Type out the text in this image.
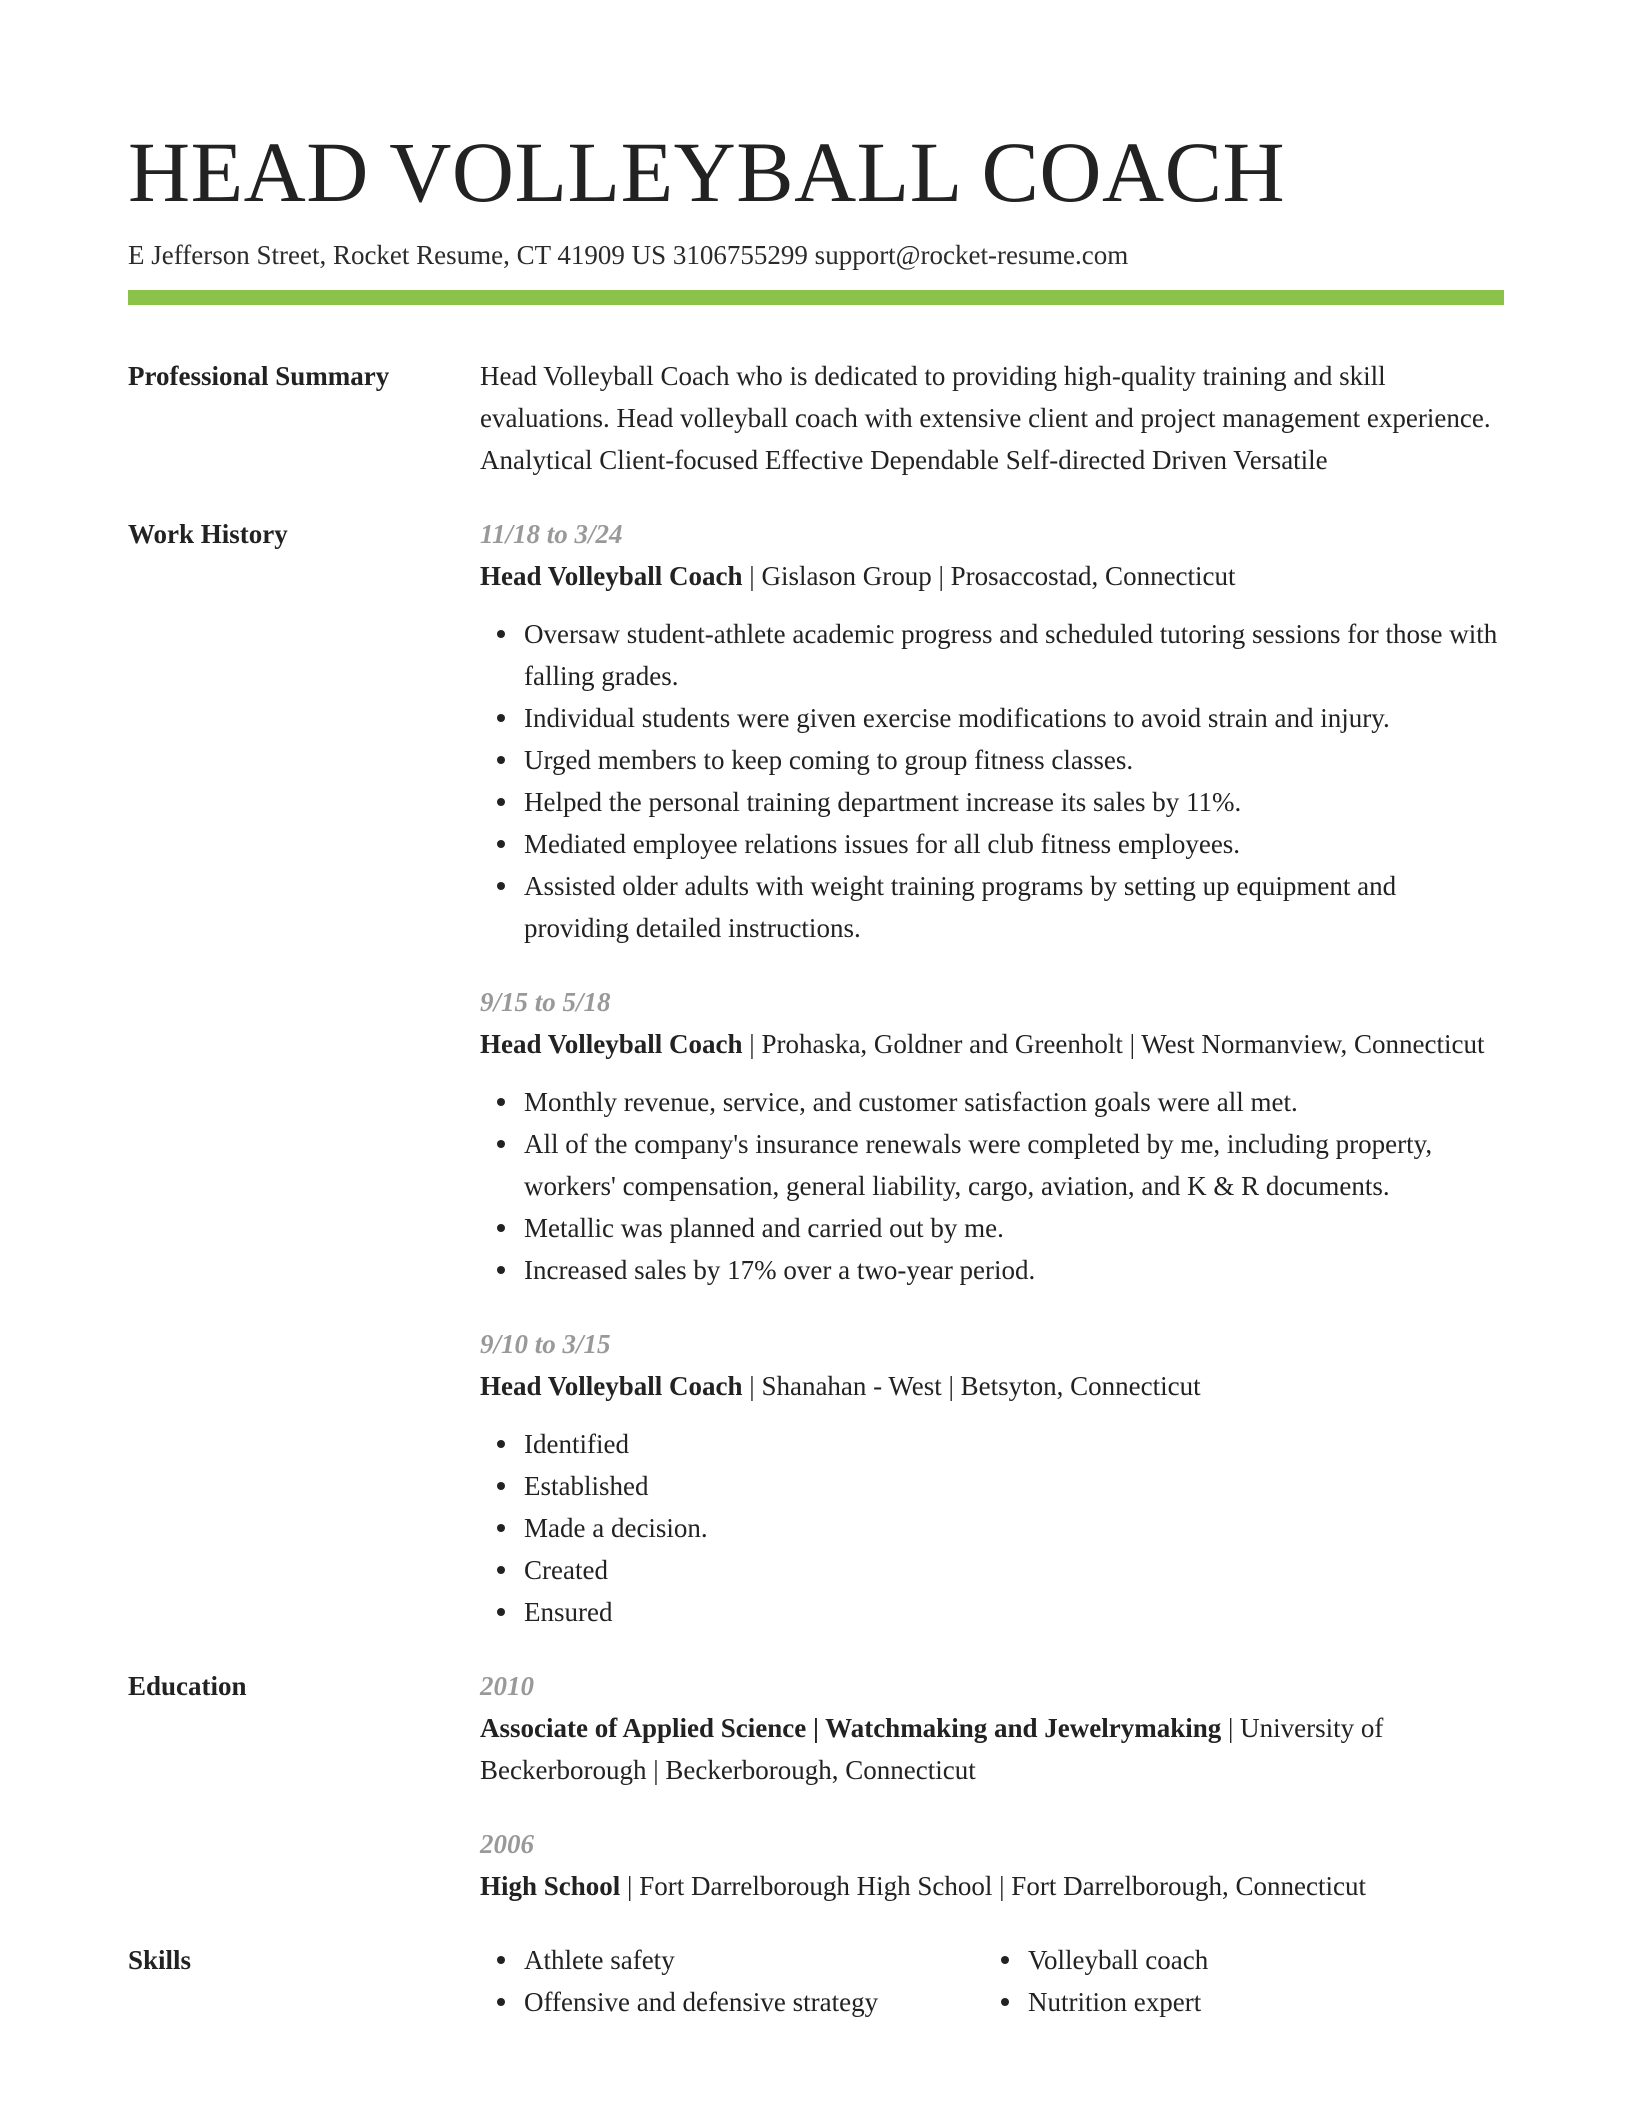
HEAD VOLLEYBALL COACH
E Jefferson Street, Rocket Resume, CT 41909 US 3106755299 support@rocket-resume.com
Professional Summary	Head Volleyball Coach who is dedicated to providing high-quality training and skill evaluations. Head volleyball coach with extensive client and project management experience. Analytical Client-focused Effective Dependable Self-directed Driven Versatile
Work History	11/18 to 3/24
Head Volleyball Coach | Gislason Group | Prosaccostad, Connecticut
Oversaw student-athlete academic progress and scheduled tutoring sessions for those with falling grades.
Individual students were given exercise modifications to avoid strain and injury.
Urged members to keep coming to group fitness classes.
Helped the personal training department increase its sales by 11%.
Mediated employee relations issues for all club fitness employees.
Assisted older adults with weight training programs by setting up equipment and providing detailed instructions.
9/15 to 5/18
Head Volleyball Coach | Prohaska, Goldner and Greenholt | West Normanview, Connecticut
Monthly revenue, service, and customer satisfaction goals were all met.
All of the company's insurance renewals were completed by me, including property, workers' compensation, general liability, cargo, aviation, and K & R documents.
Metallic was planned and carried out by me.
Increased sales by 17% over a two-year period.
9/10 to 3/15
Head Volleyball Coach | Shanahan - West | Betsyton, Connecticut
Identified
Established
Made a decision.
Created
Ensured
Education	2010
Associate of Applied Science | Watchmaking and Jewelrymaking | University of Beckerborough | Beckerborough, Connecticut
2006
High School | Fort Darrelborough High School | Fort Darrelborough, Connecticut
Skills	Athlete safety
Offensive and defensive strategy
Volleyball coach
Nutrition expert
